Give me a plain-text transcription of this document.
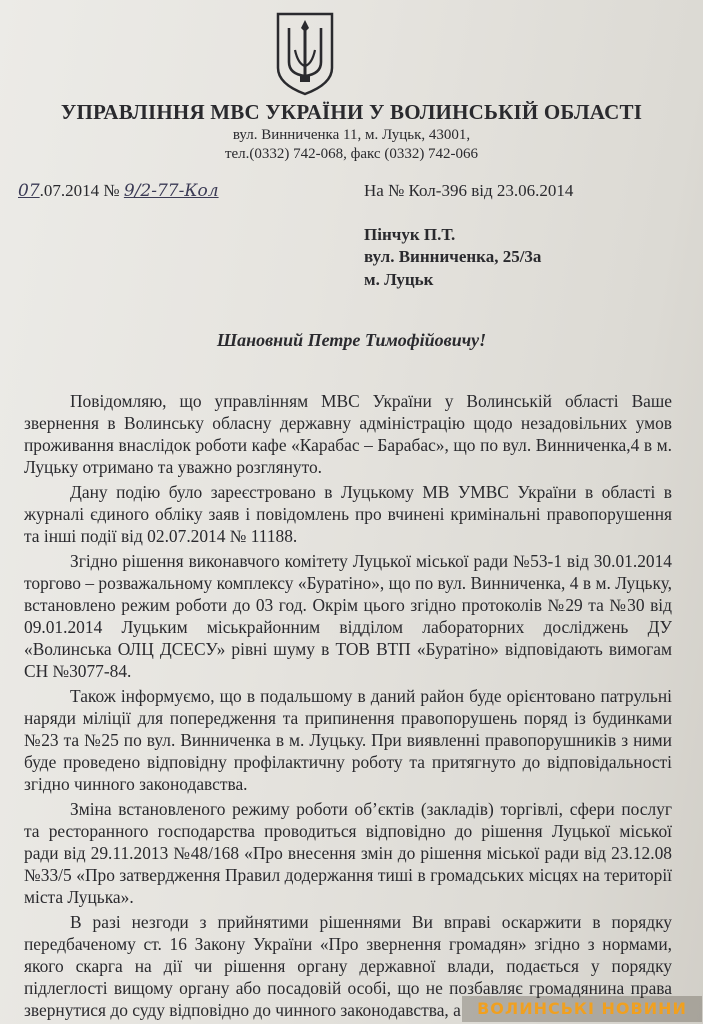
УПРАВЛІННЯ МВС УКРАЇНИ У ВОЛИНСЬКІЙ ОБЛАСТІ
вул. Винниченка 11, м. Луцьк, 43001,
тел.(0332) 742-068, факс (0332) 742-066
07.07.2014 № 9/2-77-Кол	На № Кол-396 від 23.06.2014
Пінчук П.Т.
вул. Винниченка, 25/3а
м. Луцьк
Шановний Петре Тимофійовичу!

Повідомляю, що управлінням МВС України у Волинській області Ваше звернення в Волинську обласну державну адміністрацію щодо незадовільних умов проживання внаслідок роботи кафе «Карабас – Барабас», що по вул. Винниченка,4 в м. Луцьку отримано та уважно розглянуто.

Дану подію було зареєстровано в Луцькому МВ УМВС України в області в журналі єдиного обліку заяв і повідомлень про вчинені кримінальні правопорушення та інші події від 02.07.2014 № 11188.

Згідно рішення виконавчого комітету Луцької міської ради №53-1 від 30.01.2014 торгово – розважальному комплексу «Буратіно», що по вул. Винниченка, 4 в м. Луцьку, встановлено режим роботи до 03 год. Окрім цього згідно протоколів №29 та №30 від 09.01.2014 Луцьким міськрайонним відділом лабораторних досліджень ДУ «Волинська ОЛЦ ДСЕСУ» рівні шуму в ТОВ ВТП «Буратіно» відповідають вимогам СН №3077-84.

Також інформуємо, що в подальшому в даний район буде орієнтовано патрульні наряди міліції для попередження та припинення правопорушень поряд із будинками №23 та №25 по вул. Винниченка в м. Луцьку. При виявленні правопорушників з ними буде проведено відповідну профілактичну роботу та притягнуто до відповідальності згідно чинного законодавства.

Зміна встановленого режиму роботи об’єктів (закладів) торгівлі, сфери послуг та ресторанного господарства проводиться відповідно до рішення Луцької міської ради від 29.11.2013 №48/168 «Про внесення змін до рішення міської ради від 23.12.08 №33/5 «Про затвердження Правил додержання тиші в громадських місцях на території міста Луцька».

В разі незгоди з прийнятими рішеннями Ви вправі оскаржити в порядку передбаченому ст. 16 Закону України «Про звернення громадян» згідно з нормами, якого скарга на дії чи рішення органу державної влади, подається у порядку підлеглості вищому органу або посадовій особі, що не позбавляє громадянина права звернутися до суду відповідно до чинного законодавства, а	ВОЛИНСЬКІ НОВИНИ
